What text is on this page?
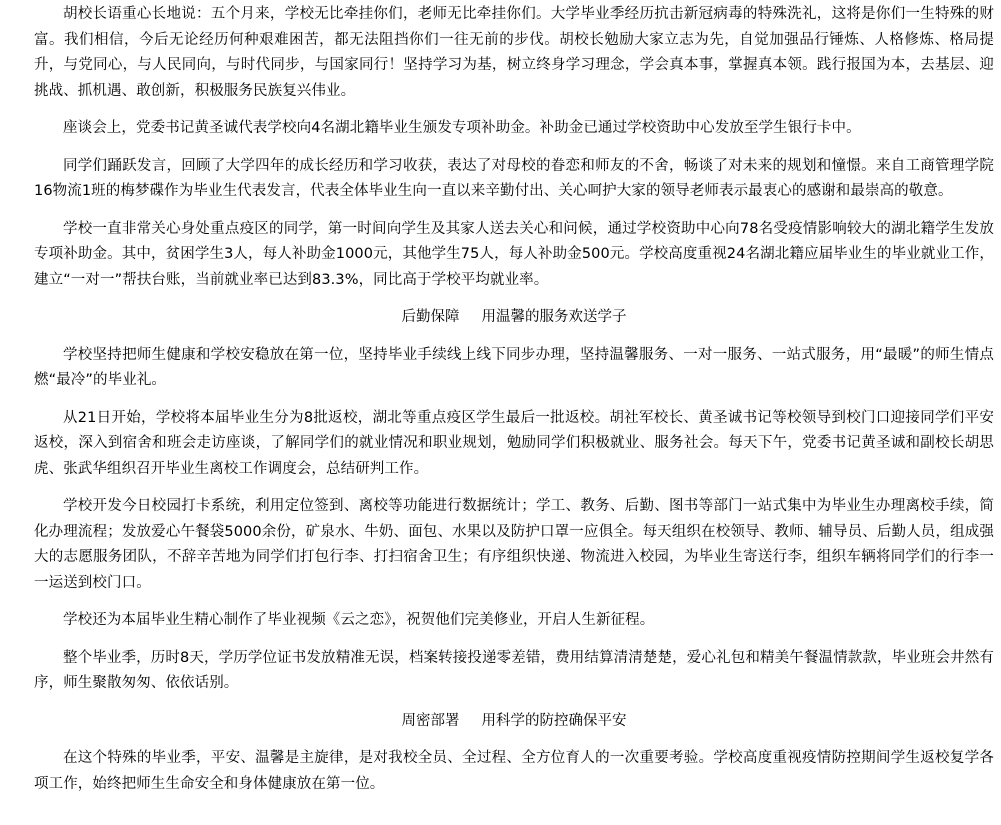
胡校长语重心长地说：五个月来，学校无比牵挂你们，老师无比牵挂你们。大学毕业季经历抗击新冠病毒的特殊洗礼，这将是你们一生特殊的财富。我们相信，今后无论经历何种艰难困苦，都无法阻挡你们一往无前的步伐。胡校长勉励大家立志为先，自觉加强品行锤炼、人格修炼、格局提升，与党同心，与人民同向，与时代同步，与国家同行！坚持学习为基，树立终身学习理念，学会真本事，掌握真本领。践行报国为本，去基层、迎挑战、抓机遇、敢创新，积极服务民族复兴伟业。

座谈会上，党委书记黄圣诚代表学校向4名湖北籍毕业生颁发专项补助金。补助金已通过学校资助中心发放至学生银行卡中。

同学们踊跃发言，回顾了大学四年的成长经历和学习收获，表达了对母校的眷恋和师友的不舍，畅谈了对未来的规划和憧憬。来自工商管理学院16物流1班的梅梦碟作为毕业生代表发言，代表全体毕业生向一直以来辛勤付出、关心呵护大家的领导老师表示最衷心的感谢和最崇高的敬意。

学校一直非常关心身处重点疫区的同学，第一时间向学生及其家人送去关心和问候，通过学校资助中心向78名受疫情影响较大的湖北籍学生发放专项补助金。其中，贫困学生3人，每人补助金1000元，其他学生75人，每人补助金500元。学校高度重视24名湖北籍应届毕业生的毕业就业工作，建立“一对一”帮扶台账，当前就业率已达到83.3%，同比高于学校平均就业率。

后勤保障 用温馨的服务欢送学子

学校坚持把师生健康和学校安稳放在第一位，坚持毕业手续线上线下同步办理，坚持温馨服务、一对一服务、一站式服务，用“最暖”的师生情点燃“最冷”的毕业礼。

从21日开始，学校将本届毕业生分为8批返校，湖北等重点疫区学生最后一批返校。胡社军校长、黄圣诚书记等校领导到校门口迎接同学们平安返校，深入到宿舍和班会走访座谈，了解同学们的就业情况和职业规划，勉励同学们积极就业、服务社会。每天下午，党委书记黄圣诚和副校长胡思虎、张武华组织召开毕业生离校工作调度会，总结研判工作。

学校开发今日校园打卡系统，利用定位签到、离校等功能进行数据统计；学工、教务、后勤、图书等部门一站式集中为毕业生办理离校手续，简化办理流程；发放爱心午餐袋5000余份，矿泉水、牛奶、面包、水果以及防护口罩一应俱全。每天组织在校领导、教师、辅导员、后勤人员，组成强大的志愿服务团队，不辞辛苦地为同学们打包行李、打扫宿舍卫生；有序组织快递、物流进入校园，为毕业生寄送行李，组织车辆将同学们的行李一一运送到校门口。

学校还为本届毕业生精心制作了毕业视频《云之恋》，祝贺他们完美修业，开启人生新征程。

整个毕业季，历时8天，学历学位证书发放精准无误，档案转接投递零差错，费用结算清清楚楚，爱心礼包和精美午餐温情款款，毕业班会井然有序，师生聚散匆匆、依依话别。

周密部署 用科学的防控确保平安

在这个特殊的毕业季，平安、温馨是主旋律，是对我校全员、全过程、全方位育人的一次重要考验。学校高度重视疫情防控期间学生返校复学各项工作，始终把师生生命安全和身体健康放在第一位。
